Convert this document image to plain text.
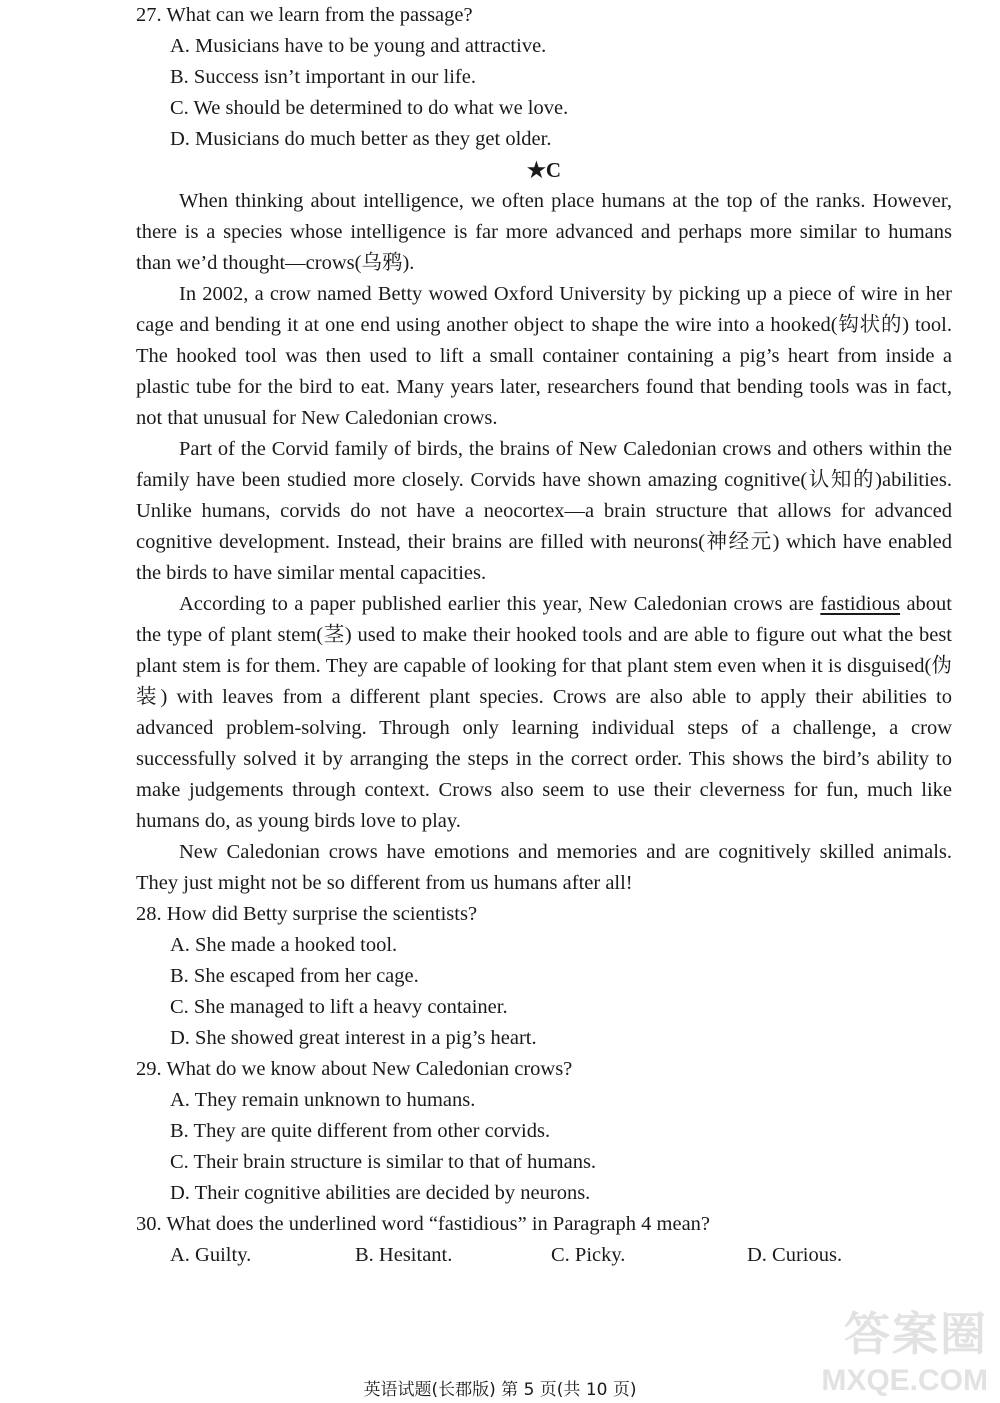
27. What can we learn from the passage?
A. Musicians have to be young and attractive.
B. Success isn’t important in our life.
C. We should be determined to do what we love.
D. Musicians do much better as they get older.
★C

When thinking about intelligence, we often place humans at the top of the ranks. However, there is a species whose intelligence is far more advanced and perhaps more similar to humans than we’d thought—crows(乌鸦).

In 2002, a crow named Betty wowed Oxford University by picking up a piece of wire in her cage and bending it at one end using another object to shape the wire into a hooked(钩状的) tool. The hooked tool was then used to lift a small container containing a pig’s heart from inside a plastic tube for the bird to eat. Many years later, researchers found that bending tools was in fact, not that unusual for New Caledonian crows.

Part of the Corvid family of birds, the brains of New Caledonian crows and others within the family have been studied more closely. Corvids have shown amazing cognitive(认知的)abilities. Unlike humans, corvids do not have a neocortex—a brain structure that allows for advanced cognitive development. Instead, their brains are filled with neurons(神经元) which have enabled the birds to have similar mental capacities.

According to a paper published earlier this year, New Caledonian crows are fastidious about the type of plant stem(茎) used to make their hooked tools and are able to figure out what the best plant stem is for them. They are capable of looking for that plant stem even when it is disguised(伪装) with leaves from a different plant species. Crows are also able to apply their abilities to advanced problem-solving. Through only learning individual steps of a challenge, a crow successfully solved it by arranging the steps in the correct order. This shows the bird’s ability to make judgements through context. Crows also seem to use their cleverness for fun, much like humans do, as young birds love to play.

New Caledonian crows have emotions and memories and are cognitively skilled animals. They just might not be so different from us humans after all!

28. How did Betty surprise the scientists?
A. She made a hooked tool.
B. She escaped from her cage.
C. She managed to lift a heavy container.
D. She showed great interest in a pig’s heart.
29. What do we know about New Caledonian crows?
A. They remain unknown to humans.
B. They are quite different from other corvids.
C. Their brain structure is similar to that of humans.
D. Their cognitive abilities are decided by neurons.
30. What does the underlined word “fastidious” in Paragraph 4 mean?
A. Guilty.	B. Hesitant.	C. Picky.	D. Curious.
答案圈
MXQE.COM
英语试题(长郡版) 第 5 页(共 10 页)
